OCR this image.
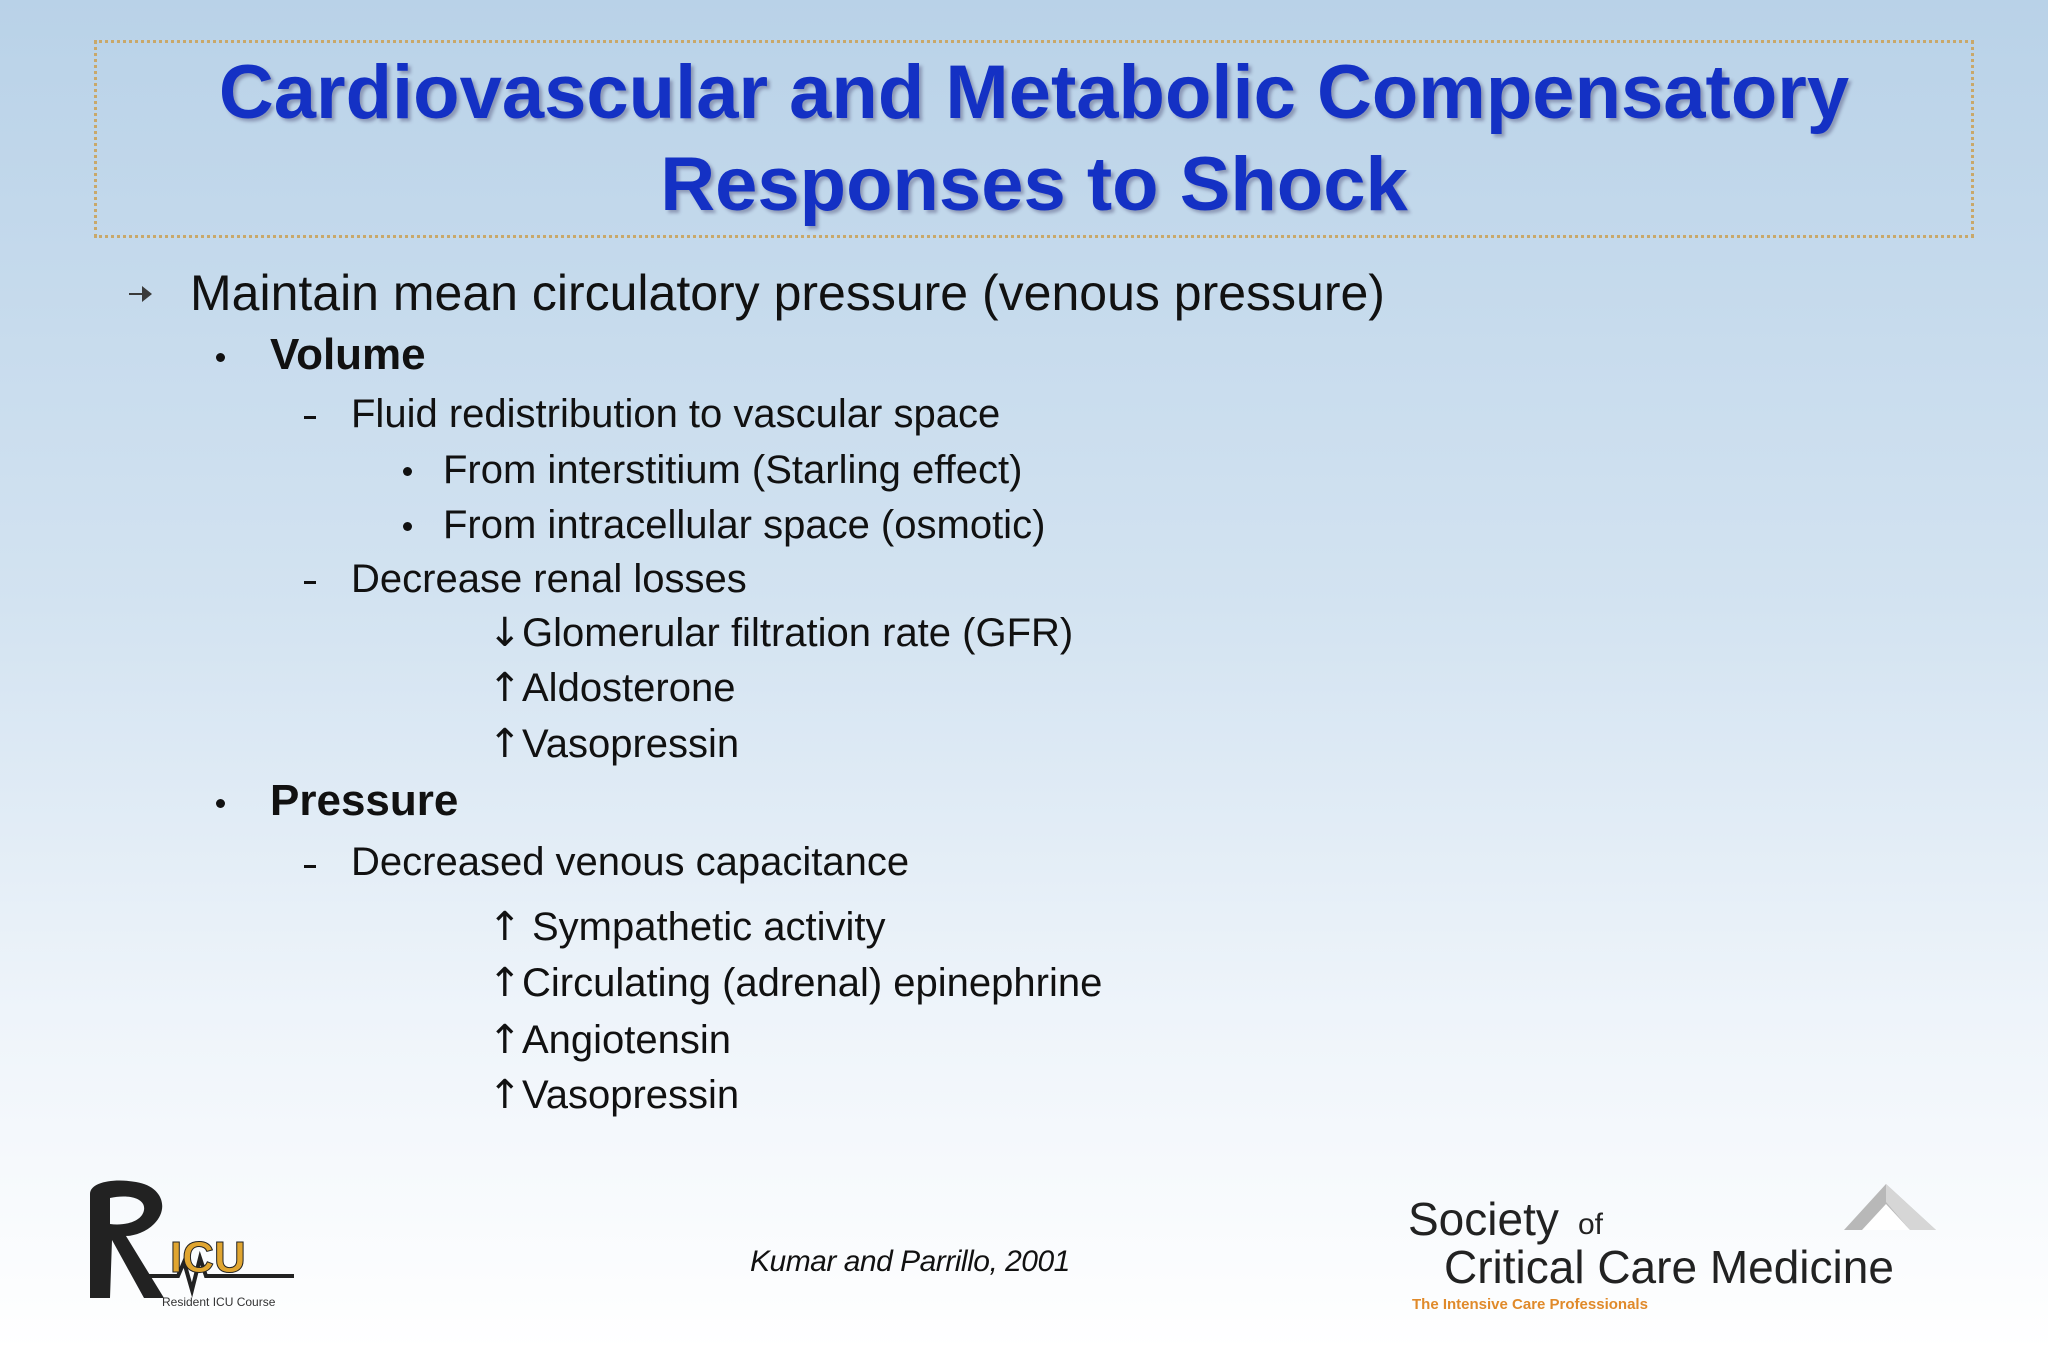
Cardiovascular and Metabolic Compensatory
Responses to Shock
Maintain mean circulatory pressure (venous pressure)
Volume
Fluid redistribution to vascular space
From interstitium (Starling effect)
From intracellular space (osmotic)
Decrease renal losses
↓Glomerular filtration rate (GFR)
↑Aldosterone
↑Vasopressin
Pressure
Decreased venous capacitance
↑ Sympathetic activity
↑Circulating (adrenal) epinephrine
↑Angiotensin
↑Vasopressin
Kumar and Parrillo, 2001
ICU
Resident ICU Course
Society of
Critical Care Medicine
The Intensive Care Professionals
